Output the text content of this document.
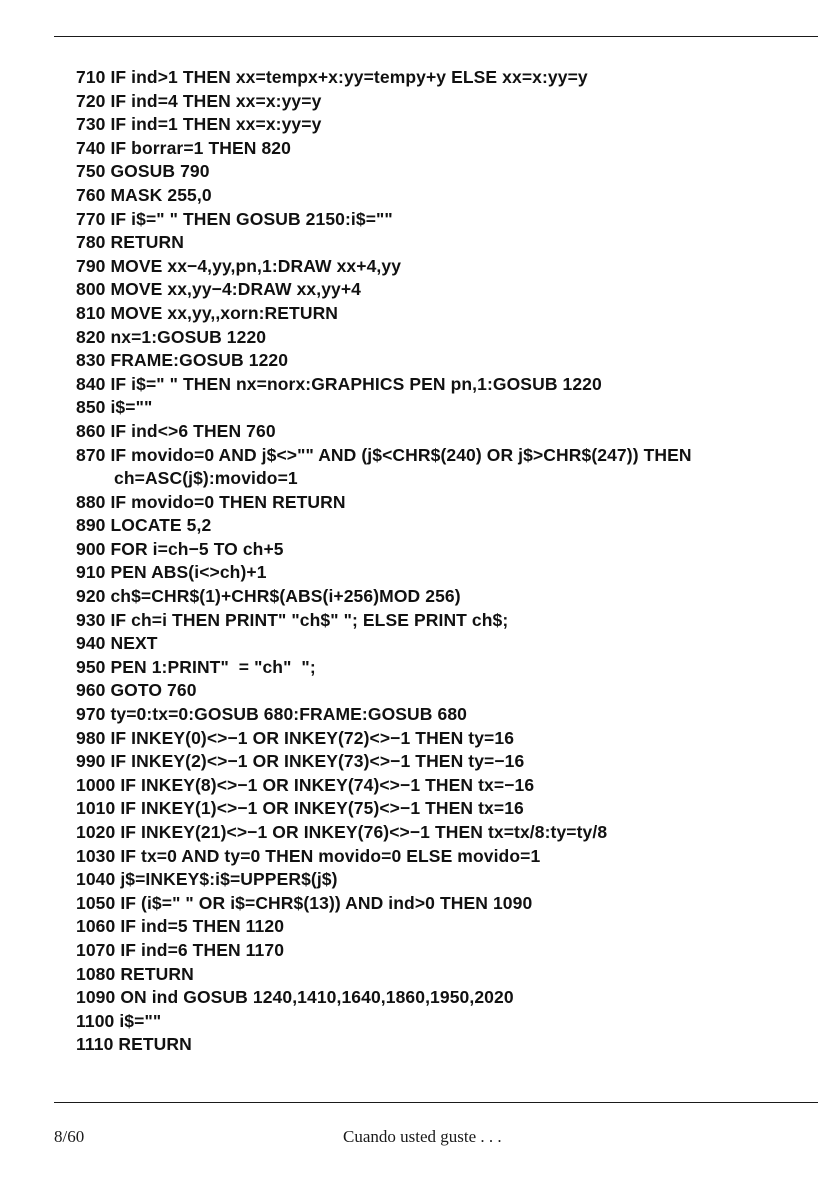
710 IF ind>1 THEN xx=tempx+x:yy=tempy+y ELSE xx=x:yy=y
720 IF ind=4 THEN xx=x:yy=y
730 IF ind=1 THEN xx=x:yy=y
740 IF borrar=1 THEN 820
750 GOSUB 790
760 MASK 255,0
770 IF i$=" " THEN GOSUB 2150:i$=""
780 RETURN
790 MOVE xx−4,yy,pn,1:DRAW xx+4,yy
800 MOVE xx,yy−4:DRAW xx,yy+4
810 MOVE xx,yy,,xorn:RETURN
820 nx=1:GOSUB 1220
830 FRAME:GOSUB 1220
840 IF i$=" " THEN nx=norx:GRAPHICS PEN pn,1:GOSUB 1220
850 i$=""
860 IF ind<>6 THEN 760
870 IF movido=0 AND j$<>"" AND (j$<CHR$(240) OR j$>CHR$(247)) THEN
ch=ASC(j$):movido=1
880 IF movido=0 THEN RETURN
890 LOCATE 5,2
900 FOR i=ch−5 TO ch+5
910 PEN ABS(i<>ch)+1
920 ch$=CHR$(1)+CHR$(ABS(i+256)MOD 256)
930 IF ch=i THEN PRINT" "ch$" "; ELSE PRINT ch$;
940 NEXT
950 PEN 1:PRINT"  = "ch"  ";
960 GOTO 760
970 ty=0:tx=0:GOSUB 680:FRAME:GOSUB 680
980 IF INKEY(0)<>−1 OR INKEY(72)<>−1 THEN ty=16
990 IF INKEY(2)<>−1 OR INKEY(73)<>−1 THEN ty=−16
1000 IF INKEY(8)<>−1 OR INKEY(74)<>−1 THEN tx=−16
1010 IF INKEY(1)<>−1 OR INKEY(75)<>−1 THEN tx=16
1020 IF INKEY(21)<>−1 OR INKEY(76)<>−1 THEN tx=tx/8:ty=ty/8
1030 IF tx=0 AND ty=0 THEN movido=0 ELSE movido=1
1040 j$=INKEY$:i$=UPPER$(j$)
1050 IF (i$=" " OR i$=CHR$(13)) AND ind>0 THEN 1090
1060 IF ind=5 THEN 1120
1070 IF ind=6 THEN 1170
1080 RETURN
1090 ON ind GOSUB 1240,1410,1640,1860,1950,2020
1100 i$=""
1110 RETURN
8/60	Cuando usted guste . . .
